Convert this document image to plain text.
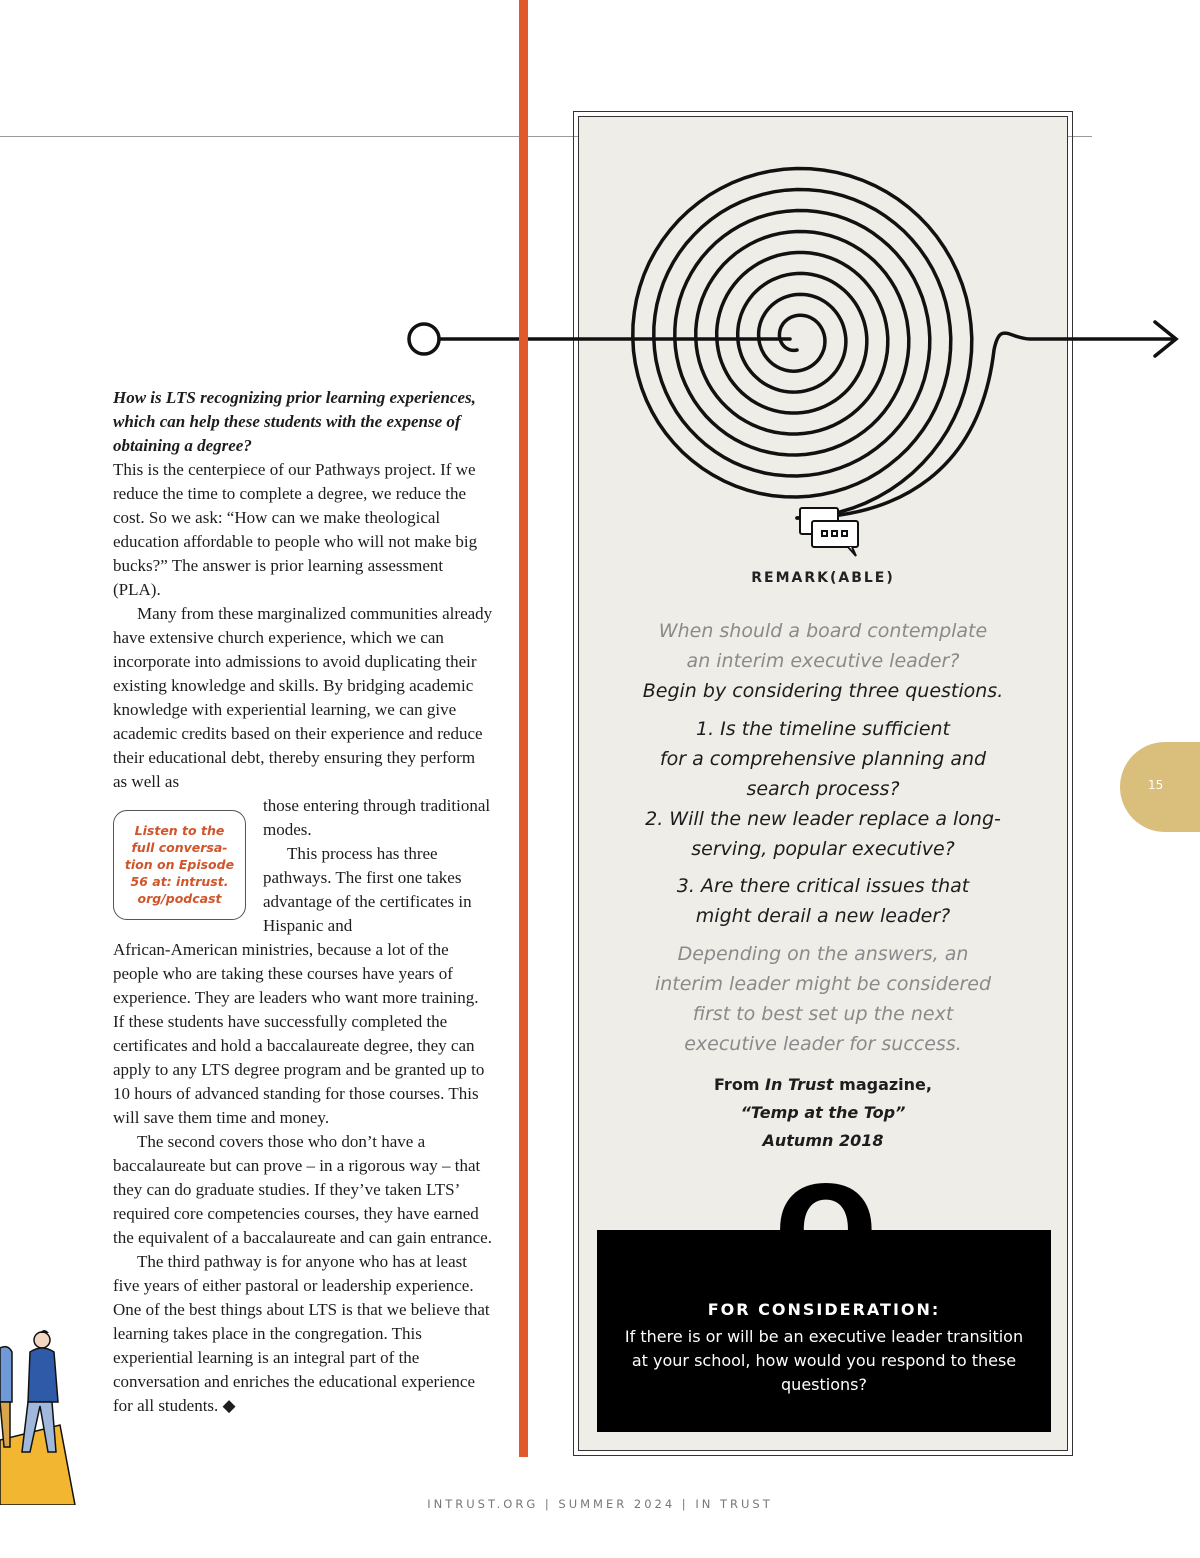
REMARK(ABLE)
When should a board contemplate
an interim executive leader?
Begin by considering three questions.
1. Is the timeline sufficient
for a comprehensive planning and
search process?
2. Will the new leader replace a long-
serving, popular executive?
3. Are there critical issues that
might derail a new leader?
Depending on the answers, an
interim leader might be considered
first to best set up the next
executive leader for success.
From In Trust magazine,
“Temp at the Top”
Autumn 2018
Q
FOR CONSIDERATION:
If there is or will be an executive leader transition at your school, how would you respond to these questions?

How is LTS recognizing prior learning experiences, which can help these students with the expense of obtaining a degree?

This is the centerpiece of our Pathways project. If we reduce the time to complete a degree, we reduce the cost. So we ask: “How can we make theological education affordable to people who will not make big bucks?” The answer is prior learning assessment (PLA).

Many from these marginalized communities already have extensive church experience, which we can incorporate into admissions to avoid duplicating their existing knowledge and skills. By bridging academic knowledge with experiential learning, we can give academic credits based on their experience and reduce their educational debt, thereby ensuring they perform as well as

those entering through traditional modes.

This process has three pathways. The first one takes advantage of the certificates in Hispanic and

African-American ministries, because a lot of the people who are taking these courses have years of experience. They are leaders who want more training. If these students have successfully completed the certificates and hold a baccalaureate degree, they can apply to any LTS degree program and be granted up to 10 hours of advanced standing for those courses. This will save them time and money.

The second covers those who don’t have a baccalaureate but can prove – in a rigorous way – that they can do graduate studies. If they’ve taken LTS’ required core competencies courses, they have earned the equivalent of a baccalaureate and can gain entrance.

The third pathway is for anyone who has at least five years of either pastoral or leadership experience. One of the best things about LTS is that we believe that learning takes place in the congregation. This experiential learning is an integral part of the conversation and enriches the educational experience for all students. ◆

Listen to the
full conversa-
tion on Episode
56 at: intrust.
org/podcast
15
INTRUST.ORG | SUMMER 2024 | IN TRUST
